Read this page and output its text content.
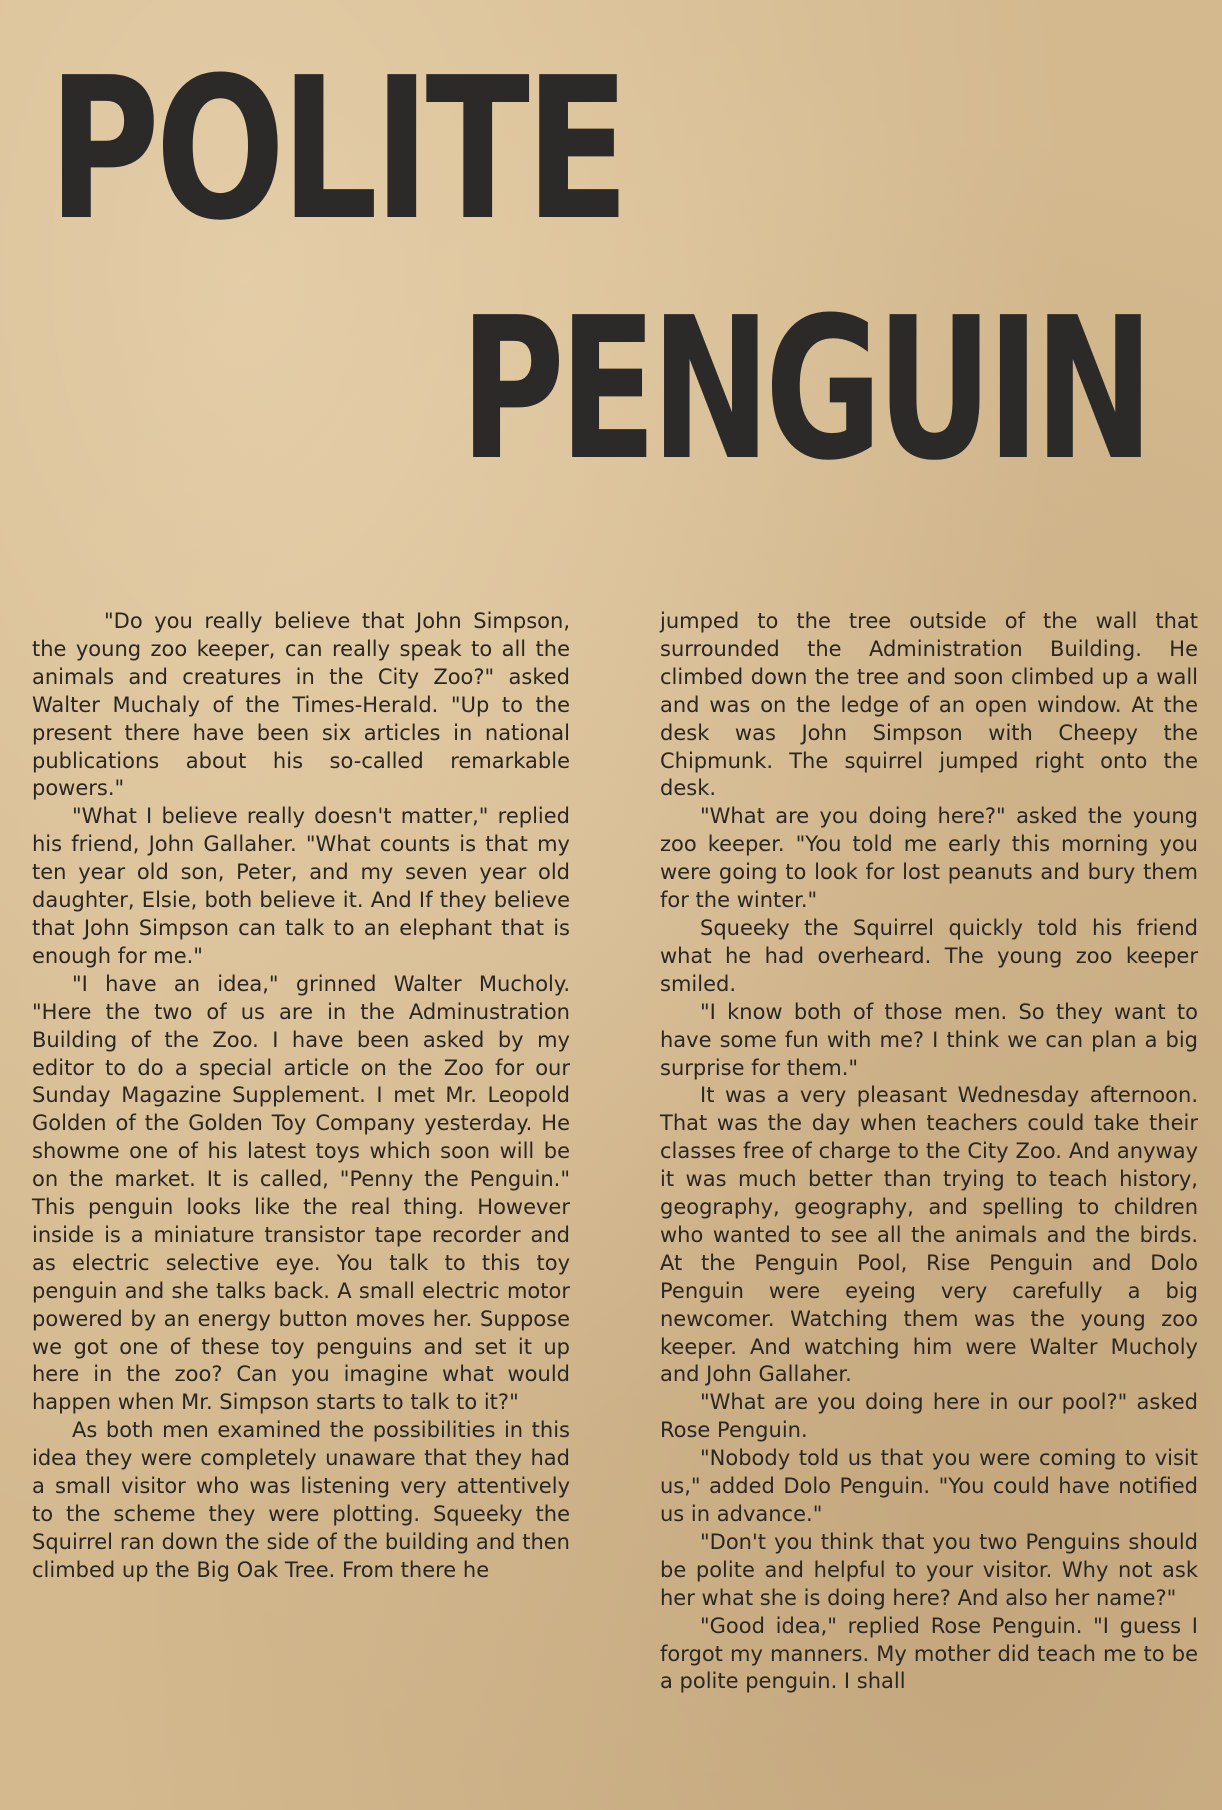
POLITE
PENGUIN

"Do you really believe that John Simpson, the young zoo keeper, can really speak to all the animals and creatures in the City Zoo?" asked Walter Muchaly of the Times-Herald. "Up to the present there have been six articles in national publications about his so-called remarkable powers."

"What I believe really doesn't matter," replied his friend, John Gallaher. "What counts is that my ten year old son, Peter, and my seven year old daughter, Elsie, both believe it. And If they believe that John Simpson can talk to an elephant that is enough for me."

"I have an idea," grinned Walter Mucholy. "Here the two of us are in the Adminustration Building of the Zoo. I have been asked by my editor to do a special article on the Zoo for our Sunday Magazine Supplement. I met Mr. Leopold Golden of the Golden Toy Company yesterday. He showme one of his latest toys which soon will be on the market. It is called, "Penny the Penguin." This penguin looks like the real thing. However inside is a miniature transistor tape recorder and as electric selective eye. You talk to this toy penguin and she talks back. A small electric motor powered by an energy button moves her. Suppose we got one of these toy penguins and set it up here in the zoo? Can you imagine what would happen when Mr. Simpson starts to talk to it?"

As both men examined the possibilities in this idea they were completely unaware that they had a small visitor who was listening very attentively to the scheme they were plotting. Squeeky the Squirrel ran down the side of the building and then climbed up the Big Oak Tree. From there he

jumped to the tree outside of the wall that surrounded the Administration Building. He climbed down the tree and soon climbed up a wall and was on the ledge of an open window. At the desk was John Simpson with Cheepy the Chipmunk. The squirrel jumped right onto the desk.

"What are you doing here?" asked the young zoo keeper. "You told me early this morning you were going to look for lost peanuts and bury them for the winter."

Squeeky the Squirrel quickly told his friend what he had overheard. The young zoo keeper smiled.

"I know both of those men. So they want to have some fun with me? I think we can plan a big surprise for them."

It was a very pleasant Wednesday afternoon. That was the day when teachers could take their classes free of charge to the City Zoo. And anyway it was much better than trying to teach history, geography, geography, and spelling to children who wanted to see all the animals and the birds. At the Penguin Pool, Rise Penguin and Dolo Penguin were eyeing very carefully a big newcomer. Watching them was the young zoo keeper. And watching him were Walter Mucholy and John Gallaher.

"What are you doing here in our pool?" asked Rose Penguin.

"Nobody told us that you were coming to visit us," added Dolo Penguin. "You could have notified us in advance."

"Don't you think that you two Penguins should be polite and helpful to your visitor. Why not ask her what she is doing here? And also her name?"

"Good idea," replied Rose Penguin. "I guess I forgot my manners. My mother did teach me to be a polite penguin. I shall
